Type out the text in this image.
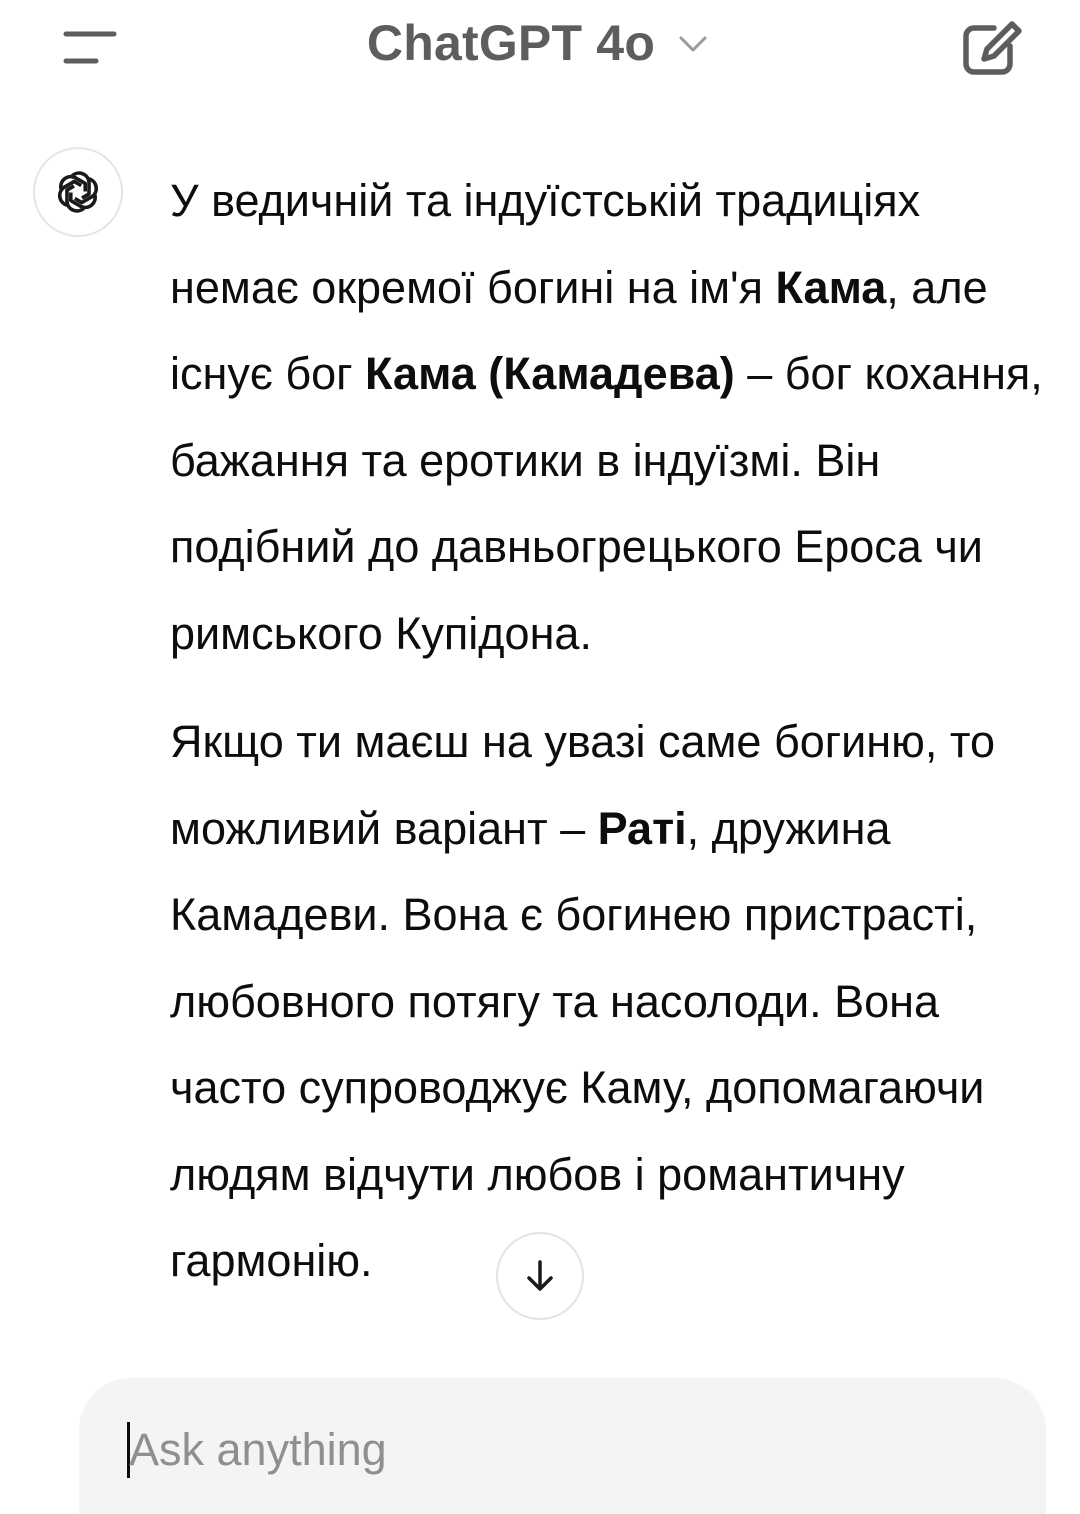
ChatGPT 4o

У ведичній та індуїстській традиціях немає окремої богині на ім'я Кама, але існує бог Кама (Камадева) – бог кохання, бажання та еротики в індуїзмі. Він подібний до давньогрецького Ероса чи римського Купідона.

Якщо ти маєш на увазі саме богиню, то можливий варіант – Раті, дружина Камадеви. Вона є богинею пристрасті, любовного потягу та насолоди. Вона часто супроводжує Каму, допомагаючи людям відчути любов і романтичну гармонію.

Ask anything
